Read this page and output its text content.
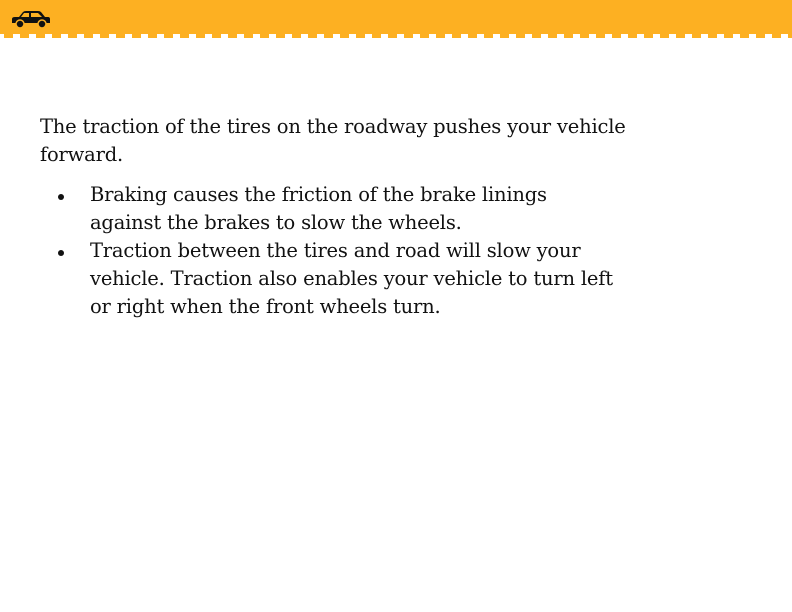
The traction of the tires on the roadway pushes your vehicle forward.

Braking causes the friction of the brake linings against the brakes to slow the wheels.
Traction between the tires and road will slow your vehicle. Traction also enables your vehicle to turn left or right when the front wheels turn.
